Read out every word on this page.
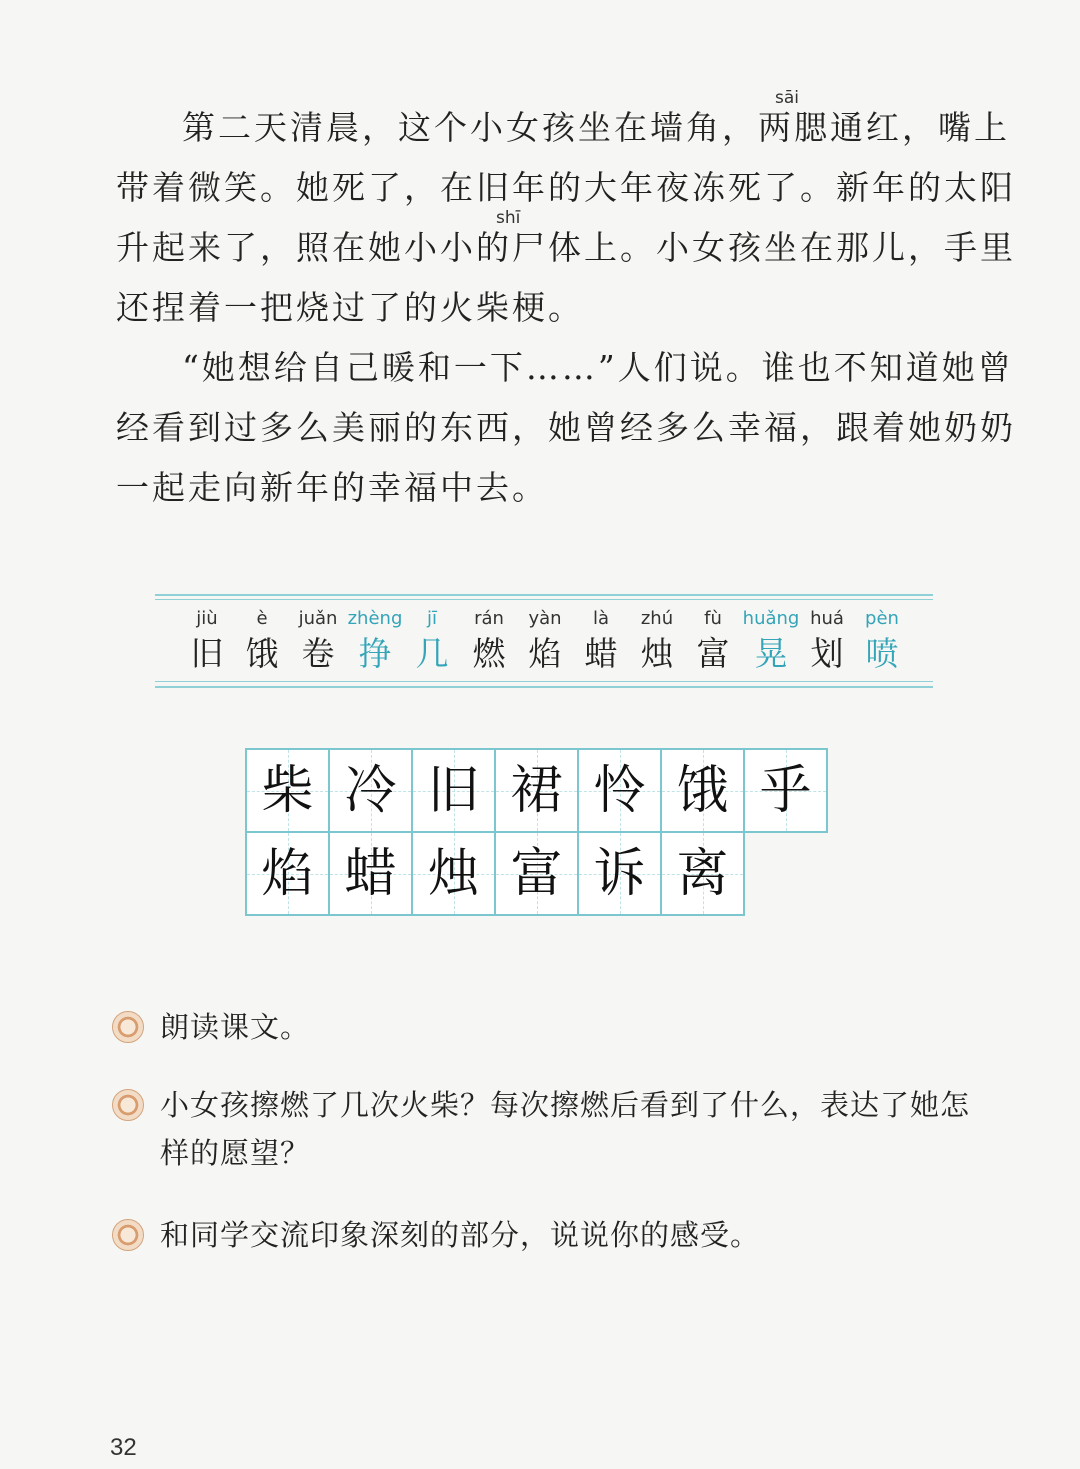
第二天清晨，这个小女孩坐在墙角，两腮通红，嘴上
带着微笑。她死了，在旧年的大年夜冻死了。新年的太阳
升起来了，照在她小小的尸体上。小女孩坐在那儿，手里
还捏着一把烧过了的火柴梗。
sāi
shī
“她想给自己暖和一下……”人们说。谁也不知道她曾
经看到过多么美丽的东西，她曾经多么幸福，跟着她奶奶
一起走向新年的幸福中去。
jiù
旧
è
饿
juǎn
卷
zhèng
挣
jī
几
rán
燃
yàn
焰
là
蜡
zhú
烛
fù
富
huǎng
晃
huá
划
pèn
喷
柴 冷 旧 裙 怜 饿 乎
焰 蜡 烛 富 诉 离
朗读课文。
小女孩擦燃了几次火柴？每次擦燃后看到了什么，表达了她怎
样的愿望？
和同学交流印象深刻的部分，说说你的感受。
32
